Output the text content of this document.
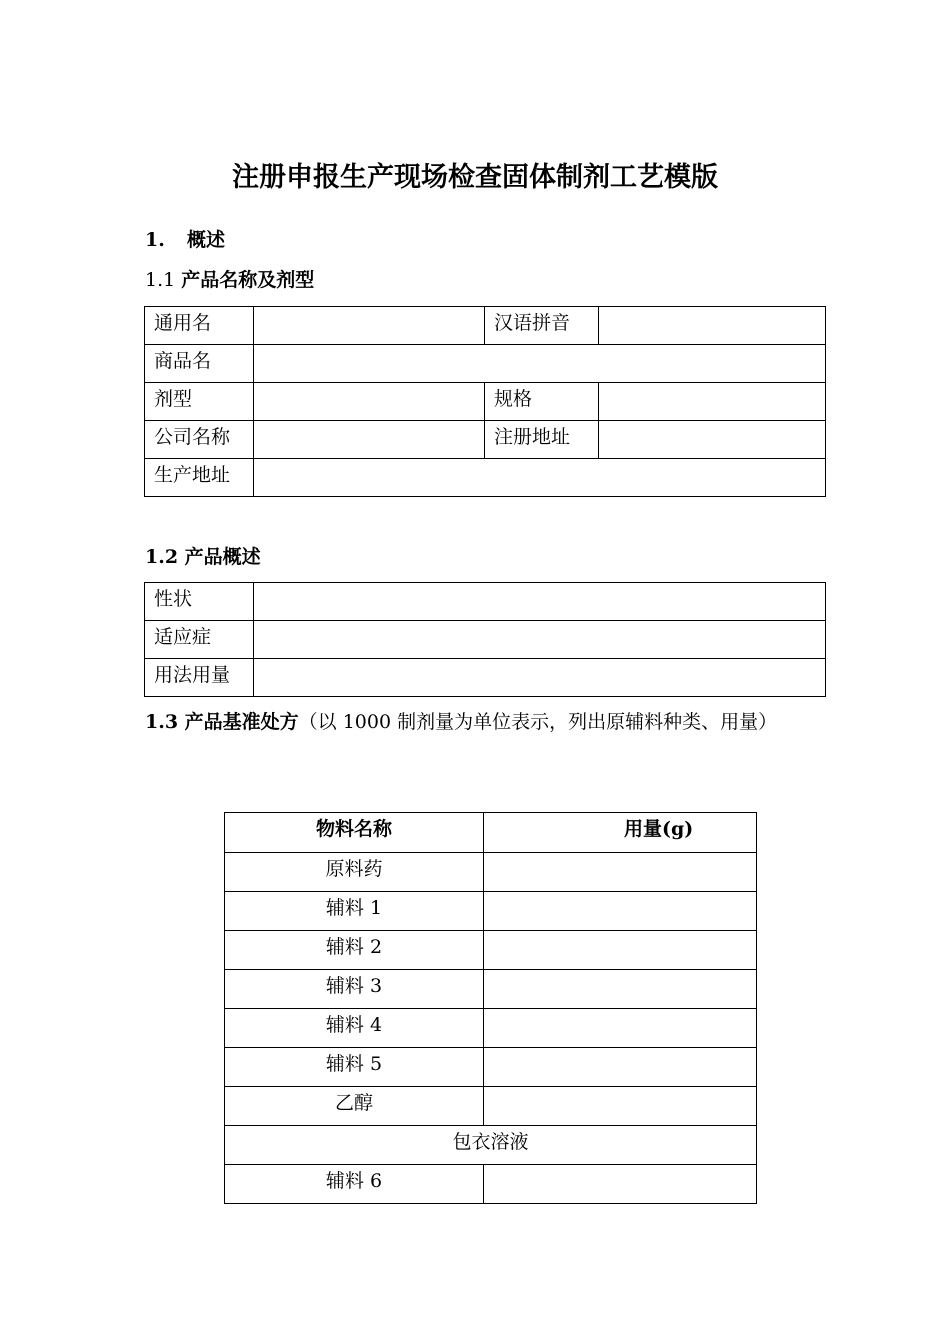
注册申报生产现场检查固体制剂工艺模版
1. 概述
1.1 产品名称及剂型
通用名		汉语拼音	
商品名			
剂型		规格	
公司名称		注册地址	
生产地址			
1.2 产品概述
性状	
适应症	
用法用量	
1.3 产品基准处方（以 1000 制剂量为单位表示，列出原辅料种类、用量）
物料名称	用量(g)
原料药	
辅料 1	
辅料 2	
辅料 3	
辅料 4	
辅料 5	
乙醇	
包衣溶液	
辅料 6	
